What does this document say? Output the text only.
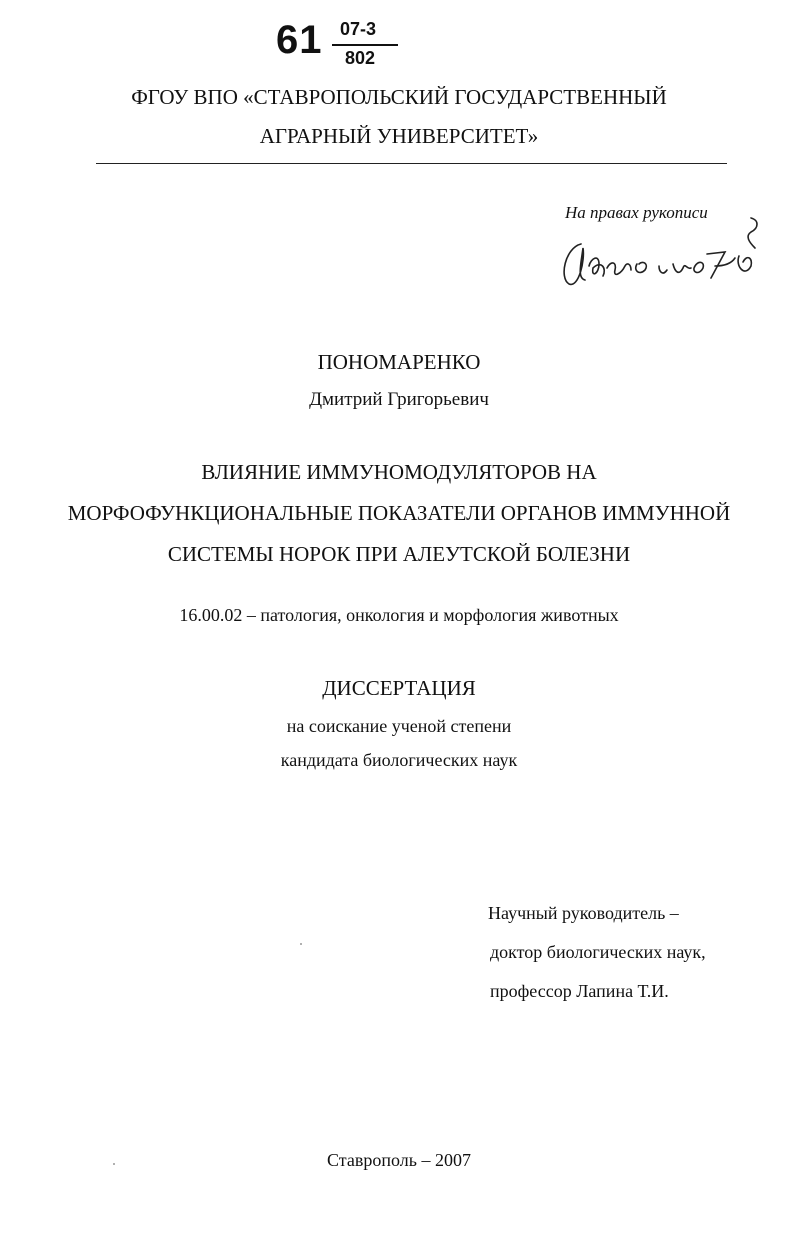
61 07-3
802
ФГОУ ВПО «СТАВРОПОЛЬСКИЙ ГОСУДАРСТВЕННЫЙ
АГРАРНЫЙ УНИВЕРСИТЕТ»
На правах рукописи
ПОНОМАРЕНКО
Дмитрий Григорьевич
ВЛИЯНИЕ ИММУНОМОДУЛЯТОРОВ НА
МОРФОФУНКЦИОНАЛЬНЫЕ ПОКАЗАТЕЛИ ОРГАНОВ ИММУННОЙ
СИСТЕМЫ НОРОК ПРИ АЛЕУТСКОЙ БОЛЕЗНИ
16.00.02 – патология, онкология и морфология животных
ДИССЕРТАЦИЯ
на соискание ученой степени
кандидата биологических наук
Научный руководитель –
доктор биологических наук,
профессор Лапина Т.И.
Ставрополь – 2007
